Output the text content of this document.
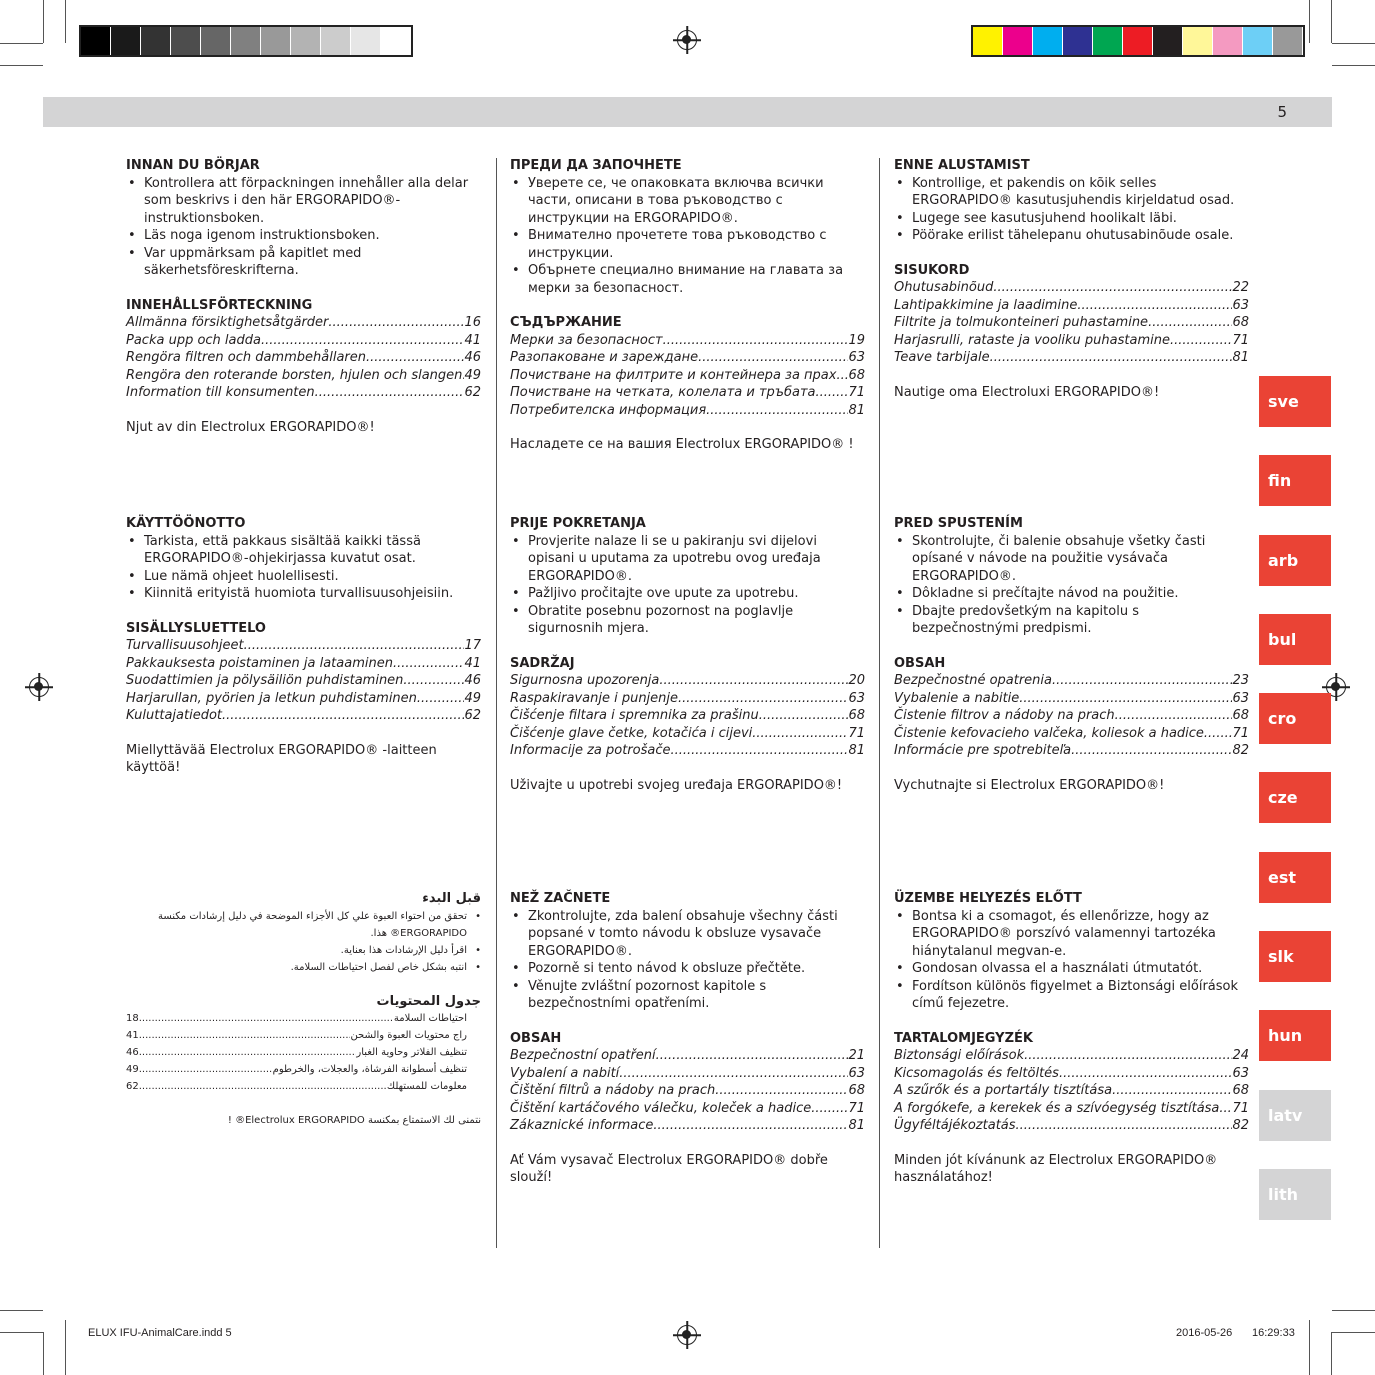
5
INNAN DU BÖRJAR
• Kontrollera att förpackningen innehåller alla delar som beskrivs i den här ERGORAPIDO®-instruktionsboken.
• Läs noga igenom instruktionsboken.
• Var uppmärksam på kapitlet med säkerhetsföreskrifterna.
INNEHÅLLSFÖRTECKNING
Allmänna försiktighetsåtgärder .....	16
Packa upp och ladda .....	41
Rengöra filtren och dammbehållaren .....	46
Rengöra den roterande borsten, hjulen och slangen ..... 49
Information till konsumenten .....	62
Njut av din Electrolux ERGORAPIDO®!
ПРЕДИ ДА ЗАПОЧНЕТЕ
• Уверете се, че опаковката включва всички части, описани в това ръководство с инструкции на ERGORAPIDO®.
• Внимателно прочетете това ръководство с инструкции.
• Обърнете специално внимание на главата за мерки за безопасност.
СЪДЪРЖАНИЕ
Мерки за безопасност. .....	19
Разопаковане и зареждане .....	63
Почистване на филтрите и контейнера за прах ..... 68
Почистване на четката, колелата и тръбата .....	71
Потребителска информация .....	81
Насладете се на вашия Electrolux ERGORAPIDO® !
ENNE ALUSTAMIST
• Kontrollige, et pakendis on kõik selles ERGORAPIDO® kasutusjuhendis kirjeldatud osad.
• Lugege see kasutusjuhend hoolikalt läbi.
• Pöörake erilist tähelepanu ohutusabinõude osale.
SISUKORD
Ohutusabinõud .....	22
Lahtipakkimine ja laadimine .....	63
Filtrite ja tolmukonteineri puhastamine .....	68
Harjasrulli, rataste ja vooliku puhastamine .....	71
Teave tarbijale .....	81
Nautige oma Electroluxi ERGORAPIDO®!
KÄYTTÖÖNOTTO
• Tarkista, että pakkaus sisältää kaikki tässä ERGORAPIDO®-ohjekirjassa kuvatut osat.
• Lue nämä ohjeet huolellisesti.
• Kiinnitä erityistä huomiota turvallisuusohjeisiin.
SISÄLLYSLUETTELO
Turvallisuusohjeet .....	17
Pakkauksesta poistaminen ja lataaminen .....	41
Suodattimien ja pölysäiliön puhdistaminen .....	46
Harjarullan, pyörien ja letkun puhdistaminen .....	49
Kuluttajatiedot .....	62
Miellyttävää Electrolux ERGORAPIDO® -laitteen käyttöä!
PRIJE POKRETANJA
• Provjerite nalaze li se u pakiranju svi dijelovi opisani u uputama za upotrebu ovog uređaja ERGORAPIDO®.
• Pažljivo pročitajte ove upute za upotrebu.
• Obratite posebnu pozornost na poglavlje sigurnosnih mjera.
SADRŽAJ
Sigurnosna upozorenja .....	20
Raspakiravanje i punjenje .....	63
Čišćenje filtara i spremnika za prašinu .....	68
Čišćenje glave četke, kotačića i cijevi .....	71
Informacije za potrošače .....	81
Uživajte u upotrebi svojeg uređaja ERGORAPIDO®!
PRED SPUSTENÍM
• Skontrolujte, či balenie obsahuje všetky časti opísané v návode na použitie vysávača ERGORAPIDO®.
• Dôkladne si prečítajte návod na použitie.
• Dbajte predovšetkým na kapitolu s bezpečnostnými predpismi.
OBSAH
Bezpečnostné opatrenia .....	23
Vybalenie a nabitie .....	63
Čistenie filtrov a nádoby na prach .....	68
Čistenie kefovacieho valčeka, koliesok a hadice ..... 71
Informácie pre spotrebiteľa. .....	82
Vychutnajte si Electrolux ERGORAPIDO®!
قبل البدء
• تحقق من احتواء العبوة علي كل الأجزاء الموضحة في دليل إرشادات مكنسة ERGORAPIDO® هذا.
• اقرأ دليل الإرشادات هذا بعناية.
• انتبه بشكل خاص لفصل احتياطات السلامة.
جدول المحتويات
18 .....	احتياطات السلامة
41 .....	راج محتويات العبوة والشحن
46 .....	تنظيف الفلاتر وحاوية الغبار
49 .....	تنظيف أسطوانة الفرشاة، والعجلات، والخرطوم
62 .....	معلومات للمستهلك
نتمنى لك الاستمتاع بمكنسة Electrolux ERGORAPIDO® !
NEŽ ZAČNETE
• Zkontrolujte, zda balení obsahuje všechny části popsané v tomto návodu k obsluze vysavače ERGORAPIDO®.
• Pozorně si tento návod k obsluze přečtěte.
• Věnujte zvláštní pozornost kapitole s bezpečnostními opatřeními.
OBSAH
Bezpečnostní opatření .....	21
Vybalení a nabití .....	63
Čištění filtrů a nádoby na prach .....	68
Čištění kartáčového válečku, koleček a hadice .....	71
Zákaznické informace. .....	81
Ať Vám vysavač Electrolux ERGORAPIDO® dobře slouží!
ÜZEMBE HELYEZÉS ELŐTT
• Bontsa ki a csomagot, és ellenőrizze, hogy az ERGORAPIDO® porszívó valamennyi tartozéka hiánytalanul megvan-e.
• Gondosan olvassa el a használati útmutatót.
• Fordítson különös figyelmet a Biztonsági előírások című fejezetre.
TARTALOMJEGYZÉK
Biztonsági előírások. .....	24
Kicsomagolás és feltöltés .....	63
A szűrők és a portartály tisztítása. .....	68
A forgókefe, a kerekek és a szívóegység tisztítása ..... 71
Ügyféltájékoztatás .....	82
Minden jót kívánunk az Electrolux ERGORAPIDO® használatához!
sve
fin
arb
bul
cro
cze
est
slk
hun
latv
lith
ELUX IFU-AnimalCare.indd 5	2016-05-26 16:29:33
